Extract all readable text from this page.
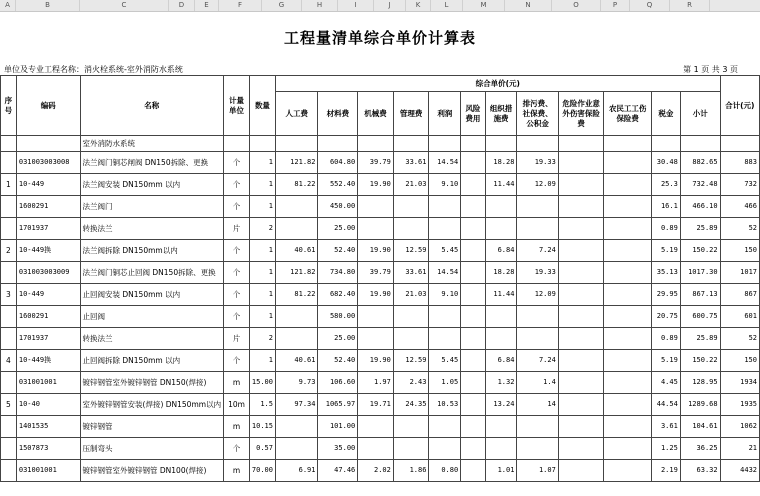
A	B	C	D	E	F	G	H	I	J	K	L	M	N	O	P	Q	R
工程量清单综合单价计算表
单位及专业工程名称：消火栓系统-室外消防水系统	第 1 页 共 3 页
序号	编码	名称	计量单位	数量	综合单价(元)												合计(元)
					人工费	材料费	机械费	管理费	利润	风险费用	组织措施费	排污费、社保费、公积金	危险作业意外伤害保险费	农民工工伤保险费	税金	小计	
		室外消防水系统															
	031003003008	法兰阀门铜芯闸阀 DN150拆除、更换	个	1	121.82	604.80	39.79	33.61	14.54		18.28	19.33			30.48	882.65	883
1	10-449	法兰阀安装 DN150mm 以内	个	1	81.22	552.40	19.90	21.03	9.10		11.44	12.09			25.3	732.48	732
	1600291	法兰阀门	个	1		450.00									16.1	466.10	466
	1701937	转换法兰	片	2		25.00									0.89	25.89	52
2	10-449换	法兰阀拆除 DN150mm以内	个	1	40.61	52.40	19.90	12.59	5.45		6.84	7.24			5.19	150.22	150
	031003003009	法兰阀门铜芯止回阀 DN150拆除、更换	个	1	121.82	734.80	39.79	33.61	14.54		18.28	19.33			35.13	1017.30	1017
3	10-449	止回阀安装 DN150mm 以内	个	1	81.22	682.40	19.90	21.03	9.10		11.44	12.09			29.95	867.13	867
	1600291	止回阀	个	1		580.00									20.75	600.75	601
	1701937	转换法兰	片	2		25.00									0.89	25.89	52
4	10-449换	止回阀拆除 DN150mm 以内	个	1	40.61	52.40	19.90	12.59	5.45		6.84	7.24			5.19	150.22	150
	031001001	镀锌钢管室外镀锌钢管 DN150(焊接)	m	15.00	9.73	106.60	1.97	2.43	1.05		1.32	1.4			4.45	128.95	1934
5	10-40	室外镀锌钢管安装(焊接) DN150mm以内	10m	1.5	97.34	1065.97	19.71	24.35	10.53		13.24	14			44.54	1289.68	1935
	1401535	镀锌钢管	m	10.15		101.00									3.61	104.61	1062
	1507873	压制弯头	个	0.57		35.00									1.25	36.25	21
	031001001	镀锌钢管室外镀锌钢管 DN100(焊接)	m	70.00	6.91	47.46	2.02	1.86	0.80		1.01	1.07			2.19	63.32	4432
